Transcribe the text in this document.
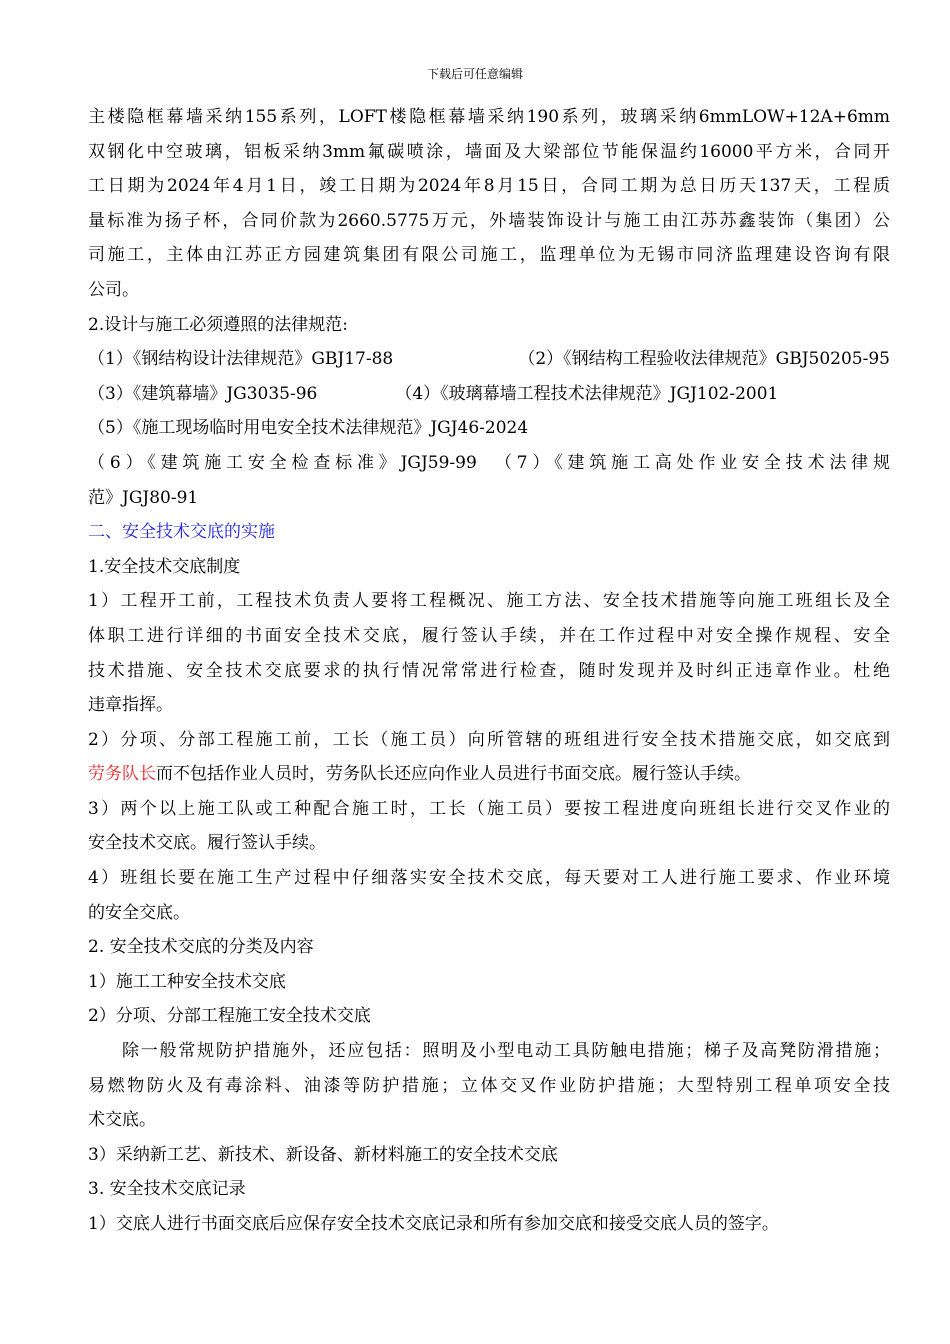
下载后可任意编辑
主楼隐框幕墙采纳155系列，LOFT楼隐框幕墙采纳190系列，玻璃采纳6mmLOW+12A+6mm
双钢化中空玻璃，铝板采纳3mm氟碳喷涂，墙面及大梁部位节能保温约16000平方米，合同开
工日期为2024年4月1日，竣工日期为2024年8月15日，合同工期为总日历天137天，工程质
量标准为扬子杯，合同价款为2660.5775万元，外墙装饰设计与施工由江苏苏鑫装饰（集团）公
司施工，主体由江苏正方园建筑集团有限公司施工，监理单位为无锡市同济监理建设咨询有限
公司。
2.设计与施工必须遵照的法律规范:
（1）《钢结构设计法律规范》GBJ17-88	（2）《钢结构工程验收法律规范》GBJ50205-95
（3）《建筑幕墙》JG3035-96	（4）《玻璃幕墙工程技术法律规范》JGJ102-2001
（5）《施工现场临时用电安全技术法律规范》JGJ46-2024
（6）《建筑施工安全检查标准》JGJ59-99　（7）《建筑施工高处作业安全技术法律规
范》JGJ80-91
二、安全技术交底的实施
1.安全技术交底制度
1）工程开工前，工程技术负责人要将工程概况、施工方法、安全技术措施等向施工班组长及全
体职工进行详细的书面安全技术交底，履行签认手续，并在工作过程中对安全操作规程、安全
技术措施、安全技术交底要求的执行情况常常进行检查，随时发现并及时纠正违章作业。杜绝
违章指挥。
2）分项、分部工程施工前，工长（施工员）向所管辖的班组进行安全技术措施交底，如交底到
劳务队长而不包括作业人员时，劳务队长还应向作业人员进行书面交底。履行签认手续。
3）两个以上施工队或工种配合施工时，工长（施工员）要按工程进度向班组长进行交叉作业的
安全技术交底。履行签认手续。
4）班组长要在施工生产过程中仔细落实安全技术交底，每天要对工人进行施工要求、作业环境
的安全交底。
2. 安全技术交底的分类及内容
1）施工工种安全技术交底
2）分项、分部工程施工安全技术交底
除一般常规防护措施外，还应包括：照明及小型电动工具防触电措施；梯子及高凳防滑措施；
易燃物防火及有毒涂料、油漆等防护措施；立体交叉作业防护措施；大型特别工程单项安全技
术交底。
3）采纳新工艺、新技术、新设备、新材料施工的安全技术交底
3. 安全技术交底记录
1）交底人进行书面交底后应保存安全技术交底记录和所有参加交底和接受交底人员的签字。
